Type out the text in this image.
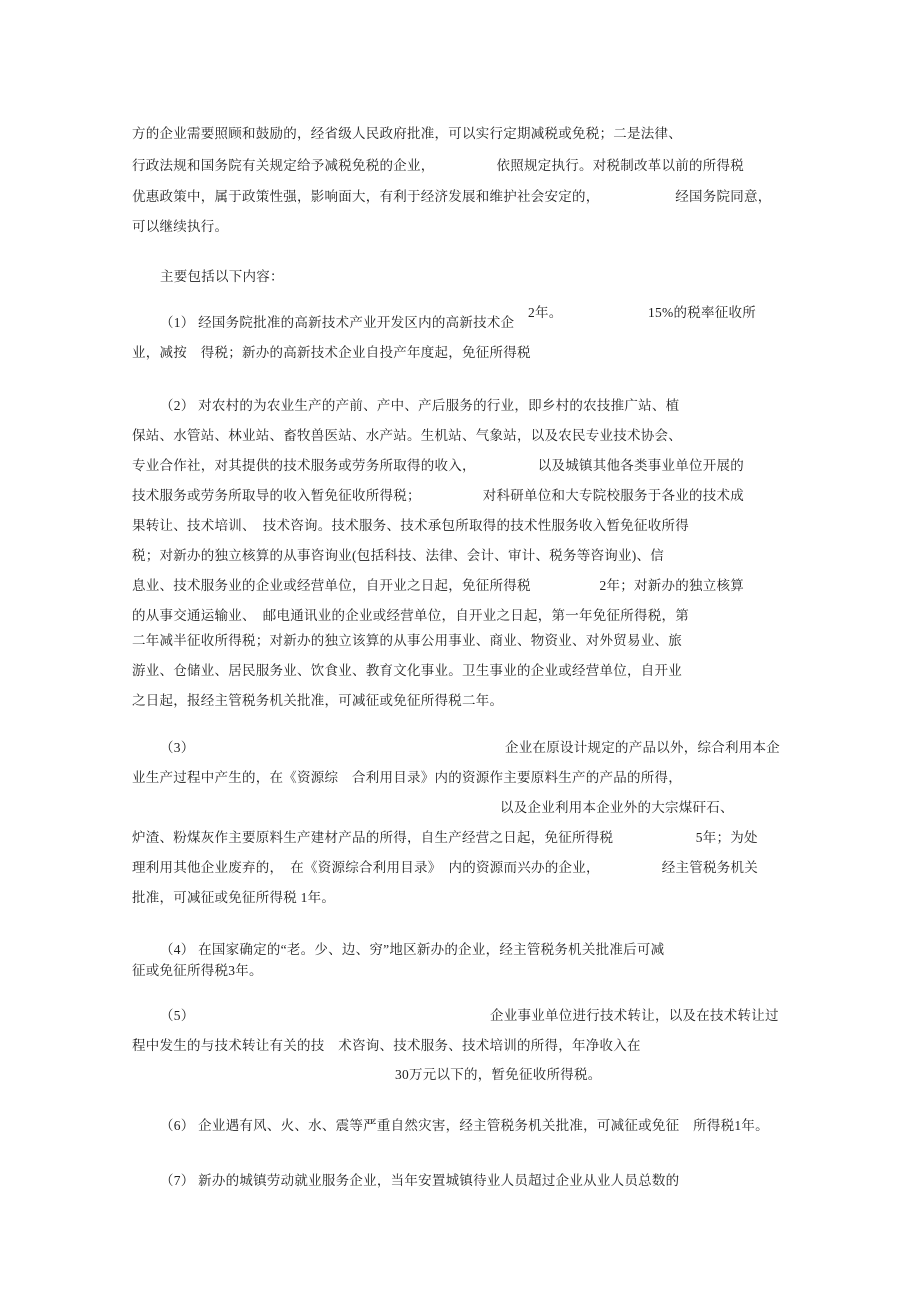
方的企业需要照顾和鼓励的，经省级人民政府批准，可以实行定期减税或免税；二是法律、
行政法规和国务院有关规定给予减税免税的企业，　　　　　依照规定执行。对税制改革以前的所得税
优惠政策中，属于政策性强，影响面大，有利于经济发展和维护社会安定的，　　　　　　经国务院同意，
可以继续执行。
主要包括以下内容：
2年。	15%的税率征收所
（1） 经国务院批准的高新技术产业开发区内的高新技术企
业，减按　得税；新办的高新技术企业自投产年度起，免征所得税
（2） 对农村的为农业生产的产前、产中、产后服务的行业，即乡村的农技推广站、植
保站、水管站、林业站、畜牧兽医站、水产站。生机站、气象站，以及农民专业技术协会、
专业合作社，对其提供的技术服务或劳务所取得的收入，　　　　　以及城镇其他各类事业单位开展的
技术服务或劳务所取导的收入暂免征收所得税；　　　　　对科研单位和大专院校服务于各业的技术成
果转让、技术培训、　技术咨询。技术服务、技术承包所取得的技术性服务收入暂免征收所得
税；对新办的独立核算的从事咨询业(包括科技、法律、会计、审计、税务等咨询业)、信
息业、技术服务业的企业或经营单位，自开业之日起，免征所得税　　　　　2年；对新办的独立核算
的从事交通运输业、　邮电通讯业的企业或经营单位，自开业之日起，第一年免征所得税，第
二年减半征收所得税；对新办的独立该算的从事公用事业、商业、物资业、对外贸易业、旅
游业、仓储业、居民服务业、饮食业、教育文化事业。卫生事业的企业或经营单位，自开业
之日起，报经主管税务机关批准，可减征或免征所得税二年。
（3）	企业在原设计规定的产品以外，综合利用本企
业生产过程中产生的，在《资源综　合利用目录》内的资源作主要原料生产的产品的所得，
以及企业利用本企业外的大宗煤矸石、
炉渣、粉煤灰作主要原料生产建材产品的所得，自生产经营之日起，免征所得税　　　　　　5年；为处
理利用其他企业废弃的，　在《资源综合利用目录》　内的资源而兴办的企业，　　　　　经主管税务机关
批准，可减征或免征所得税 1年。
（4） 在国家确定的“老。少、边、穷”地区新办的企业，经主管税务机关批准后可减
征或免征所得税3年。
（5）	企业事业单位进行技术转让，以及在技术转让过
程中发生的与技术转让有关的技　术咨询、技术服务、技术培训的所得，年净收入在
30万元以下的，暂免征收所得税。
（6） 企业遇有风、火、水、震等严重自然灾害，经主管税务机关批准，可减征或免征　所得税1年。
（7） 新办的城镇劳动就业服务企业，当年安置城镇待业人员超过企业从业人员总数的
